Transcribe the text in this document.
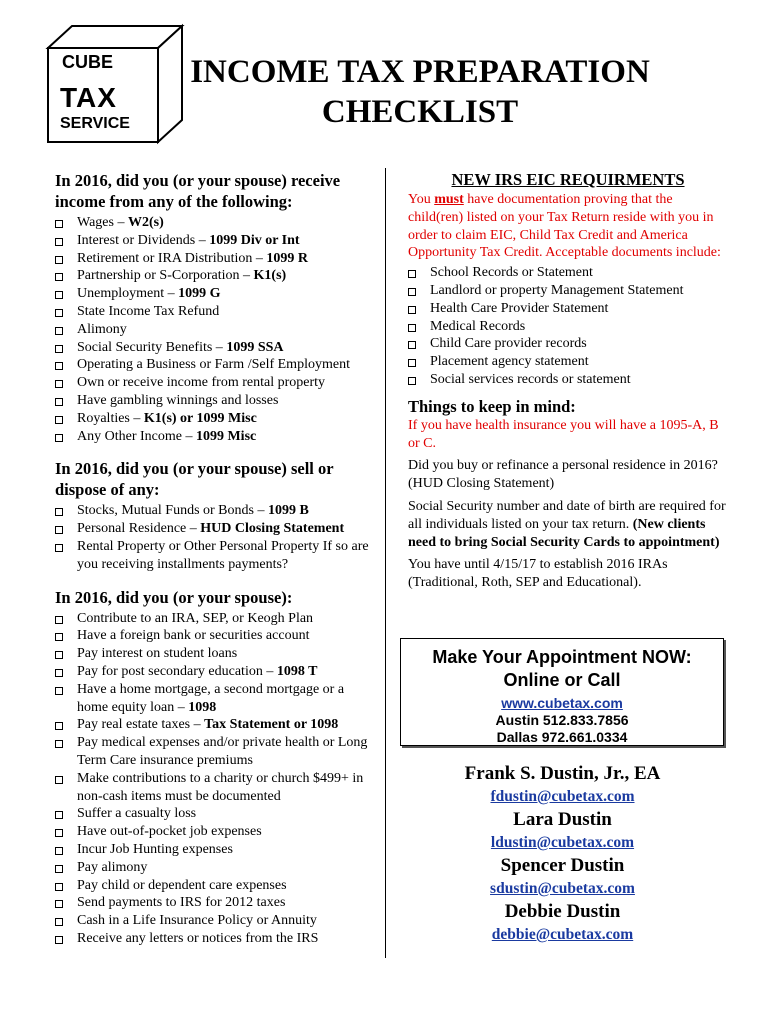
CUBE
TAX
SERVICE
INCOME TAX PREPARATION
CHECKLIST
In 2016, did you (or your spouse) receive income from any of the following:
Wages – W2(s)
Interest or Dividends – 1099 Div or Int
Retirement or IRA Distribution – 1099 R
Partnership or S-Corporation – K1(s)
Unemployment – 1099 G
State Income Tax Refund
Alimony
Social Security Benefits – 1099 SSA
Operating a Business or Farm /Self Employment
Own or receive income from rental property
Have gambling winnings and losses
Royalties – K1(s) or 1099 Misc
Any Other Income – 1099 Misc
In 2016, did you (or your spouse) sell or dispose of any:
Stocks, Mutual Funds or Bonds – 1099 B
Personal Residence – HUD Closing Statement
Rental Property or Other Personal Property If so are you receiving installments payments?
In 2016, did you (or your spouse):
Contribute to an IRA, SEP, or Keogh Plan
Have a foreign bank or securities account
Pay interest on student loans
Pay for post secondary education – 1098 T
Have a home mortgage, a second mortgage or a home equity loan – 1098
Pay real estate taxes – Tax Statement or 1098
Pay medical expenses and/or private health or Long Term Care insurance premiums
Make contributions to a charity or church $499+ in non-cash items must be documented
Suffer a casualty loss
Have out-of-pocket job expenses
Incur Job Hunting expenses
Pay alimony
Pay child or dependent care expenses
Send payments to IRS for 2012 taxes
Cash in a Life Insurance Policy or Annuity
Receive any letters or notices from the IRS
NEW IRS EIC REQUIRMENTS

You must have documentation proving that the child(ren) listed on your Tax Return reside with you in order to claim EIC, Child Tax Credit and America Opportunity Tax Credit. Acceptable documents include:

School Records or Statement
Landlord or property Management Statement
Health Care Provider Statement
Medical Records
Child Care provider records
Placement agency statement
Social services records or statement
Things to keep in mind:

If you have health insurance you will have a 1095-A, B or C.

Did you buy or refinance a personal residence in 2016? (HUD Closing Statement)

Social Security number and date of birth are required for all individuals listed on your tax return. (New clients need to bring Social Security Cards to appointment)

You have until 4/15/17 to establish 2016 IRAs (Traditional, Roth, SEP and Educational).

Make Your Appointment NOW:
Online or Call
www.cubetax.com
Austin 512.833.7856
Dallas 972.661.0334
Frank S. Dustin, Jr., EA
fdustin@cubetax.com
Lara Dustin
ldustin@cubetax.com
Spencer Dustin
sdustin@cubetax.com
Debbie Dustin
debbie@cubetax.com
